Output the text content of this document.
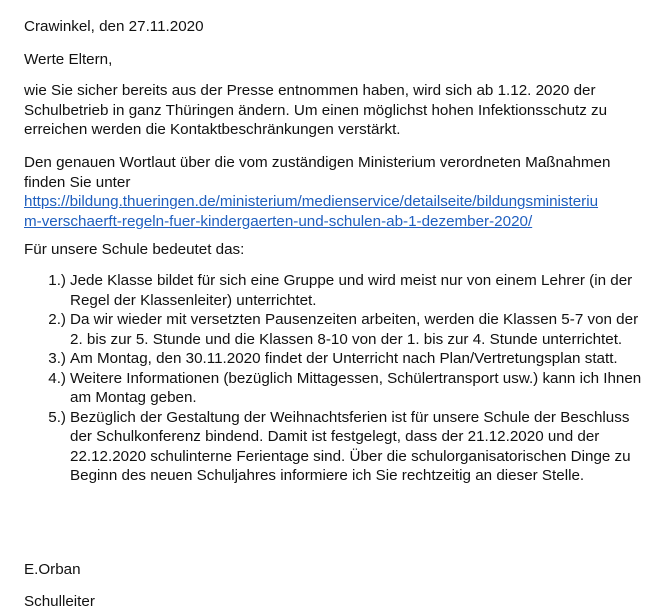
Crawinkel, den 27.11.2020

Werte Eltern,

wie Sie sicher bereits aus der Presse entnommen haben, wird sich ab 1.12. 2020 der Schulbetrieb in ganz Thüringen ändern. Um einen möglichst hohen Infektionsschutz zu erreichen werden die Kontaktbeschränkungen verstärkt.

Den genauen Wortlaut über die vom zuständigen Ministerium verordneten Maßnahmen finden Sie unter
https://bildung.thueringen.de/ministerium/medienservice/detailseite/bildungsministeriu
m-verschaerft-regeln-fuer-kindergaerten-und-schulen-ab-1-dezember-2020/

Für unsere Schule bedeutet das:

1.) Jede Klasse bildet für sich eine Gruppe und wird meist nur von einem Lehrer (in der Regel der Klassenleiter) unterrichtet.
2.) Da wir wieder mit versetzten Pausenzeiten arbeiten, werden die Klassen 5-7 von der 2. bis zur 5. Stunde und die Klassen 8-10 von der 1. bis zur 4. Stunde unterrichtet.
3.) Am Montag, den 30.11.2020 findet der Unterricht nach Plan/Vertretungsplan statt.
4.) Weitere Informationen (bezüglich Mittagessen, Schülertransport usw.) kann ich Ihnen am Montag geben.
5.) Bezüglich der Gestaltung der Weihnachtsferien ist für unsere Schule der Beschluss der Schulkonferenz bindend. Damit ist festgelegt, dass der 21.12.2020 und der 22.12.2020 schulinterne Ferientage sind. Über die schulorganisatorischen Dinge zu Beginn des neuen Schuljahres informiere ich Sie rechtzeitig an dieser Stelle.

E.Orban

Schulleiter
